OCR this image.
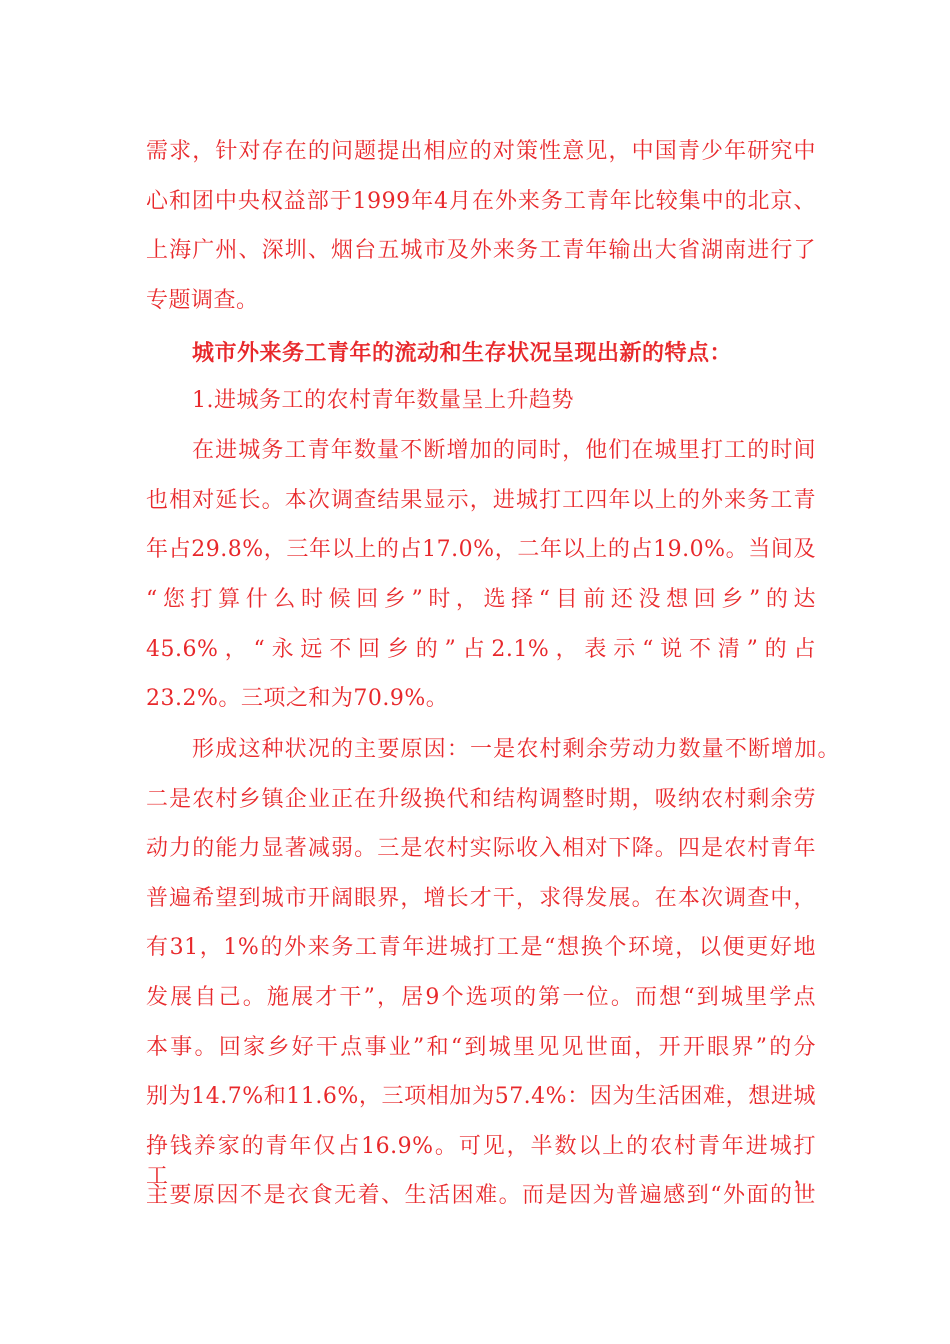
需求，针对存在的问题提出相应的对策性意见，中国青少年研究中
心和团中央权益部于1999年4月在外来务工青年比较集中的北京、
上海广州、深圳、烟台五城市及外来务工青年输出大省湖南进行了
专题调查。
城市外来务工青年的流动和生存状况呈现出新的特点：
1.进城务工的农村青年数量呈上升趋势
在进城务工青年数量不断增加的同时，他们在城里打工的时间
也相对延长。本次调查结果显示，进城打工四年以上的外来务工青
年占29.8%，三年以上的占17.0%，二年以上的占19.0%。当间及
“您打算什么时候回乡”时，选择“目前还没想回乡”的达
45.6%，“永远不回乡的”占2.1%，表示“说不清”的占
23.2%。三项之和为70.9%。
形成这种状况的主要原因：一是农村剩余劳动力数量不断增加。
二是农村乡镇企业正在升级换代和结构调整时期，吸纳农村剩余劳
动力的能力显著减弱。三是农村实际收入相对下降。四是农村青年
普遍希望到城市开阔眼界，增长才干，求得发展。在本次调查中，
有31，1%的外来务工青年进城打工是“想换个环境，以便更好地
发展自己。施展才干”，居9个选项的第一位。而想“到城里学点
本事。回家乡好干点事业”和“到城里见见世面，开开眼界”的分
别为14.7%和11.6%，三项相加为57.4%：因为生活困难，想进城
挣钱养家的青年仅占16.9%。可见，半数以上的农村青年进城打工，
主要原因不是衣食无着、生活困难。而是因为普遍感到“外面的世
